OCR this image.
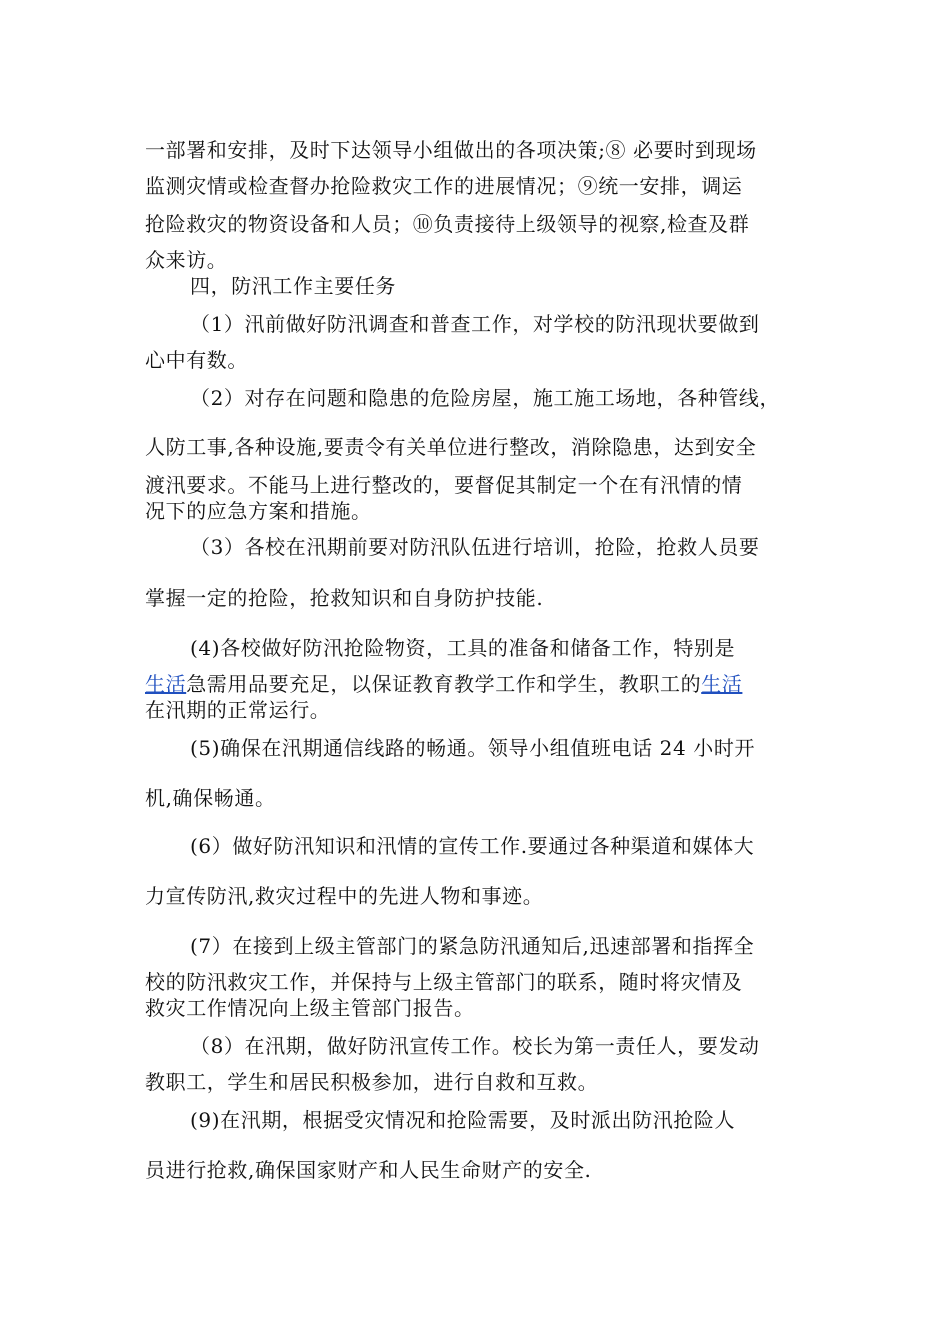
一部署和安排，及时下达领导小组做出的各项决策;⑧ 必要时到现场
监测灾情或检查督办抢险救灾工作的进展情况；⑨统一安排，调运
抢险救灾的物资设备和人员；⑩负责接待上级领导的视察,检查及群
众来访。
四，防汛工作主要任务
（1）汛前做好防汛调查和普查工作，对学校的防汛现状要做到
心中有数。
（2）对存在问题和隐患的危险房屋，施工施工场地，各种管线，
人防工事,各种设施,要责令有关单位进行整改，消除隐患，达到安全
渡汛要求。不能马上进行整改的，要督促其制定一个在有汛情的情
况下的应急方案和措施。
（3）各校在汛期前要对防汛队伍进行培训，抢险，抢救人员要
掌握一定的抢险，抢救知识和自身防护技能.
(4)各校做好防汛抢险物资，工具的准备和储备工作，特别是
生活急需用品要充足，以保证教育教学工作和学生，教职工的生活
在汛期的正常运行。
(5)确保在汛期通信线路的畅通。领导小组值班电话 24 小时开
机,确保畅通。
(6）做好防汛知识和汛情的宣传工作.要通过各种渠道和媒体大
力宣传防汛,救灾过程中的先进人物和事迹。
(7）在接到上级主管部门的紧急防汛通知后,迅速部署和指挥全
校的防汛救灾工作，并保持与上级主管部门的联系，随时将灾情及
救灾工作情况向上级主管部门报告。
（8）在汛期，做好防汛宣传工作。校长为第一责任人，要发动
教职工，学生和居民积极参加，进行自救和互救。
(9)在汛期，根据受灾情况和抢险需要，及时派出防汛抢险人
员进行抢救,确保国家财产和人民生命财产的安全.
